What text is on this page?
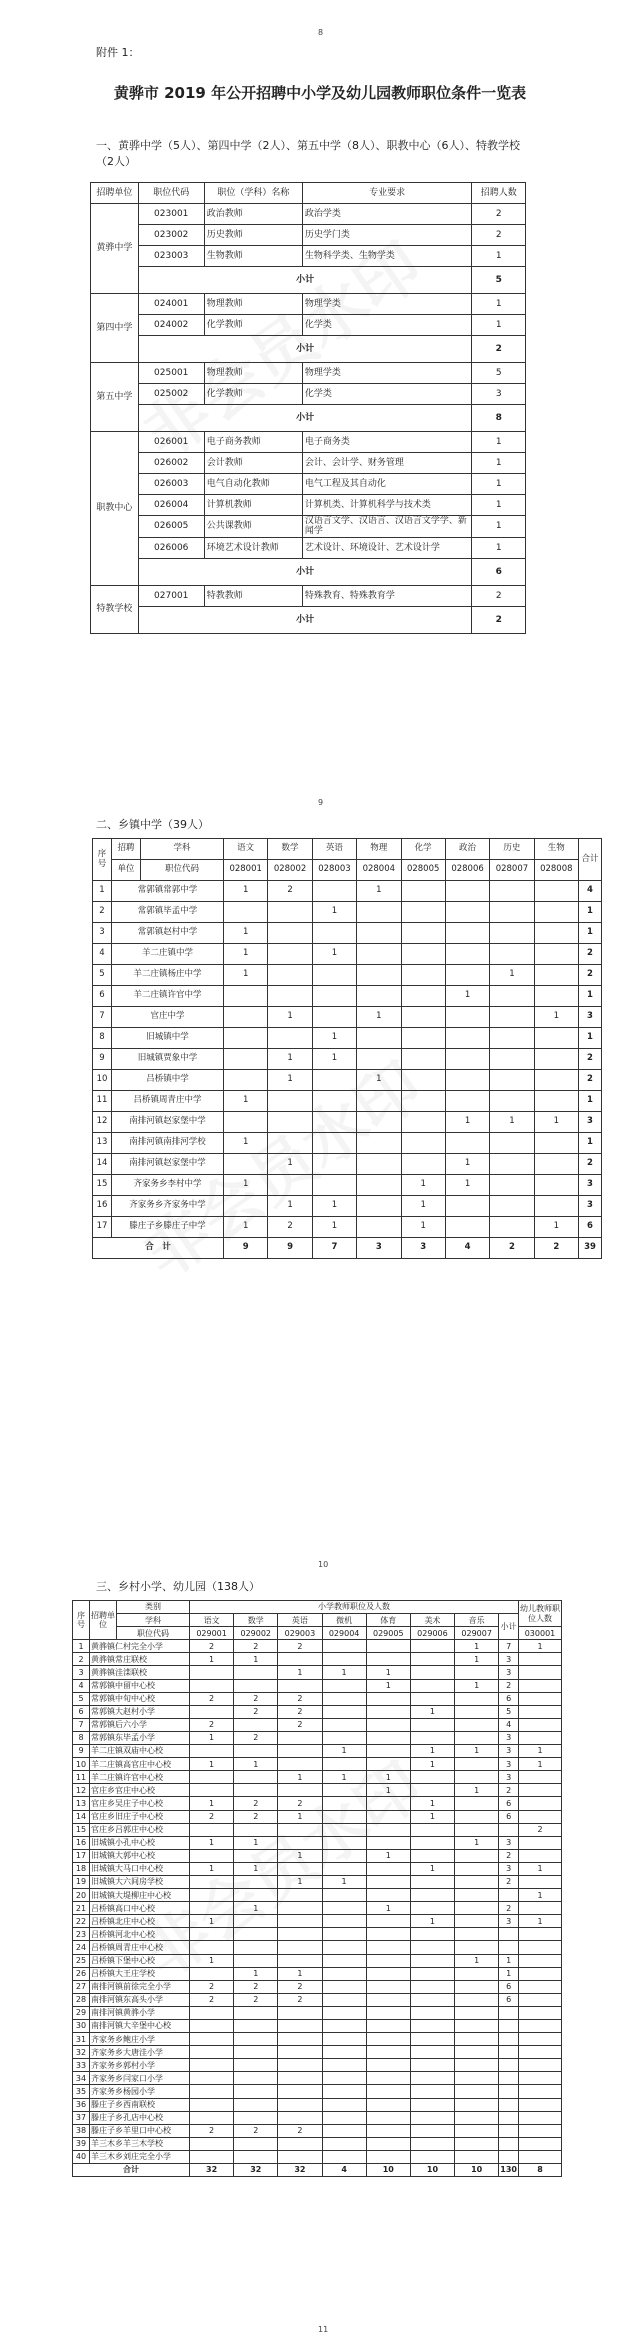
8
附件 1：
黄骅市 2019 年公开招聘中小学及幼儿园教师职位条件一览表
一、黄骅中学（5人）、第四中学（2人）、第五中学（8人）、职教中心（6人）、特教学校（2人）
招聘单位	职位代码	职位（学科）名称	专业要求	招聘人数
黄骅中学	023001	政治教师	政治学类	2
	023002	历史教师	历史学门类	2
	023003	生物教师	生物科学类、生物学类	1
	小计			5
第四中学	024001	物理教师	物理学类	1
	024002	化学教师	化学类	1
	小计			2
第五中学	025001	物理教师	物理学类	5
	025002	化学教师	化学类	3
	小计			8
职教中心	026001	电子商务教师	电子商务类	1
	026002	会计教师	会计、会计学、财务管理	1
	026003	电气自动化教师	电气工程及其自动化	1
	026004	计算机教师	计算机类、计算机科学与技术类	1
	026005	公共课教师	汉语言文学、汉语言、汉语言文学学、新闻学	1
	026006	环境艺术设计教师	艺术设计、环境设计、艺术设计学	1
	小计			6
特教学校	027001	特教教师	特殊教育、特殊教育学	2
	小计			2
9
二、乡镇中学（39人）
序号	招聘	学科	语文	数学	英语	物理	化学	政治	历史	生物	合计
	单位	职位代码	028001	028002	028003	028004	028005	028006	028007	028008	
1	常郭镇常郭中学		1	2		1					4
2	常郭镇毕孟中学				1						1
3	常郭镇赵村中学		1								1
4	羊二庄镇中学		1		1						2
5	羊二庄镇杨庄中学		1						1		2
6	羊二庄镇许官中学							1			1
7	官庄中学			1		1				1	3
8	旧城镇中学				1						1
9	旧城镇贾象中学			1	1						2
10	吕桥镇中学			1		1					2
11	吕桥镇周青庄中学		1								1
12	南排河镇赵家堡中学							1	1	1	3
13	南排河镇南排河学校		1								1
14	南排河镇赵家堡中学			1				1			2
15	齐家务乡李村中学		1				1	1			3
16	齐家务乡齐家务中学			1	1		1				3
17	滕庄子乡滕庄子中学		1	2	1		1			1	6
合　计			9	9	7	3	3	4	2	2	39
10
三、乡村小学、幼儿园（138人）
序号	招聘单位	类别	小学教师职位及人数								幼儿教师职位人数
		学科	语文	数学	英语	微机	体育	美术	音乐	小计	
		职位代码	029001	029002	029003	029004	029005	029006	029007		030001
1	黄骅镇仁村完全小学		2	2	2				1	7	1
2	黄骅镇常庄联校		1	1					1	3	
3	黄骅镇洼滦联校				1	1	1			3	
4	常郭镇中留中心校						1		1	2	
5	常郭镇中旬中心校		2	2	2					6	
6	常郭镇大赵村小学			2	2			1		5	
7	常郭镇后六小学		2		2					4	
8	常郭镇东毕孟小学		1	2						3	
9	羊二庄镇双庙中心校					1		1	1	3	1
10	羊二庄镇高官庄中心校		1	1				1		3	1
11	羊二庄镇许官中心校				1	1	1			3	
12	官庄乡官庄中心校						1		1	2	
13	官庄乡吴庄子中心校		1	2	2			1		6	
14	官庄乡旧庄子中心校		2	2	1			1		6	
15	官庄乡吕郭庄中心校										2
16	旧城镇小孔中心校		1	1					1	3	
17	旧城镇大郭中心校				1		1			2	
18	旧城镇大马口中心校		1	1				1		3	1
19	旧城镇大六间房学校				1	1				2	
20	旧城镇大堤柳庄中心校										1
21	吕桥镇高口中心校			1			1			2	
22	吕桥镇北庄中心校		1					1		3	1
23	吕桥镇河北中心校										
24	吕桥镇周青庄中心校										
25	吕桥镇下堡中心校		1						1	1	
26	吕桥镇大王庄学校			1	1					1	
27	南排河镇前徐完全小学		2	2	2					6	
28	南排河镇东高头小学		2	2	2					6	
29	南排河镇黄骅小学										
30	南排河镇大辛堡中心校										
31	齐家务乡鲍庄小学										
32	齐家务乡大唐洼小学										
33	齐家务乡郭村小学										
34	齐家务乡闫家口小学										
35	齐家务乡杨园小学										
36	滕庄子乡西南联校										
37	滕庄子乡孔店中心校										
38	滕庄子乡羊里口中心校		2	2	2						
39	羊三木乡羊三木学校										
40	羊三木乡刘庄完全小学										
合计			32	32	32	4	10	10	10	130	8
11
